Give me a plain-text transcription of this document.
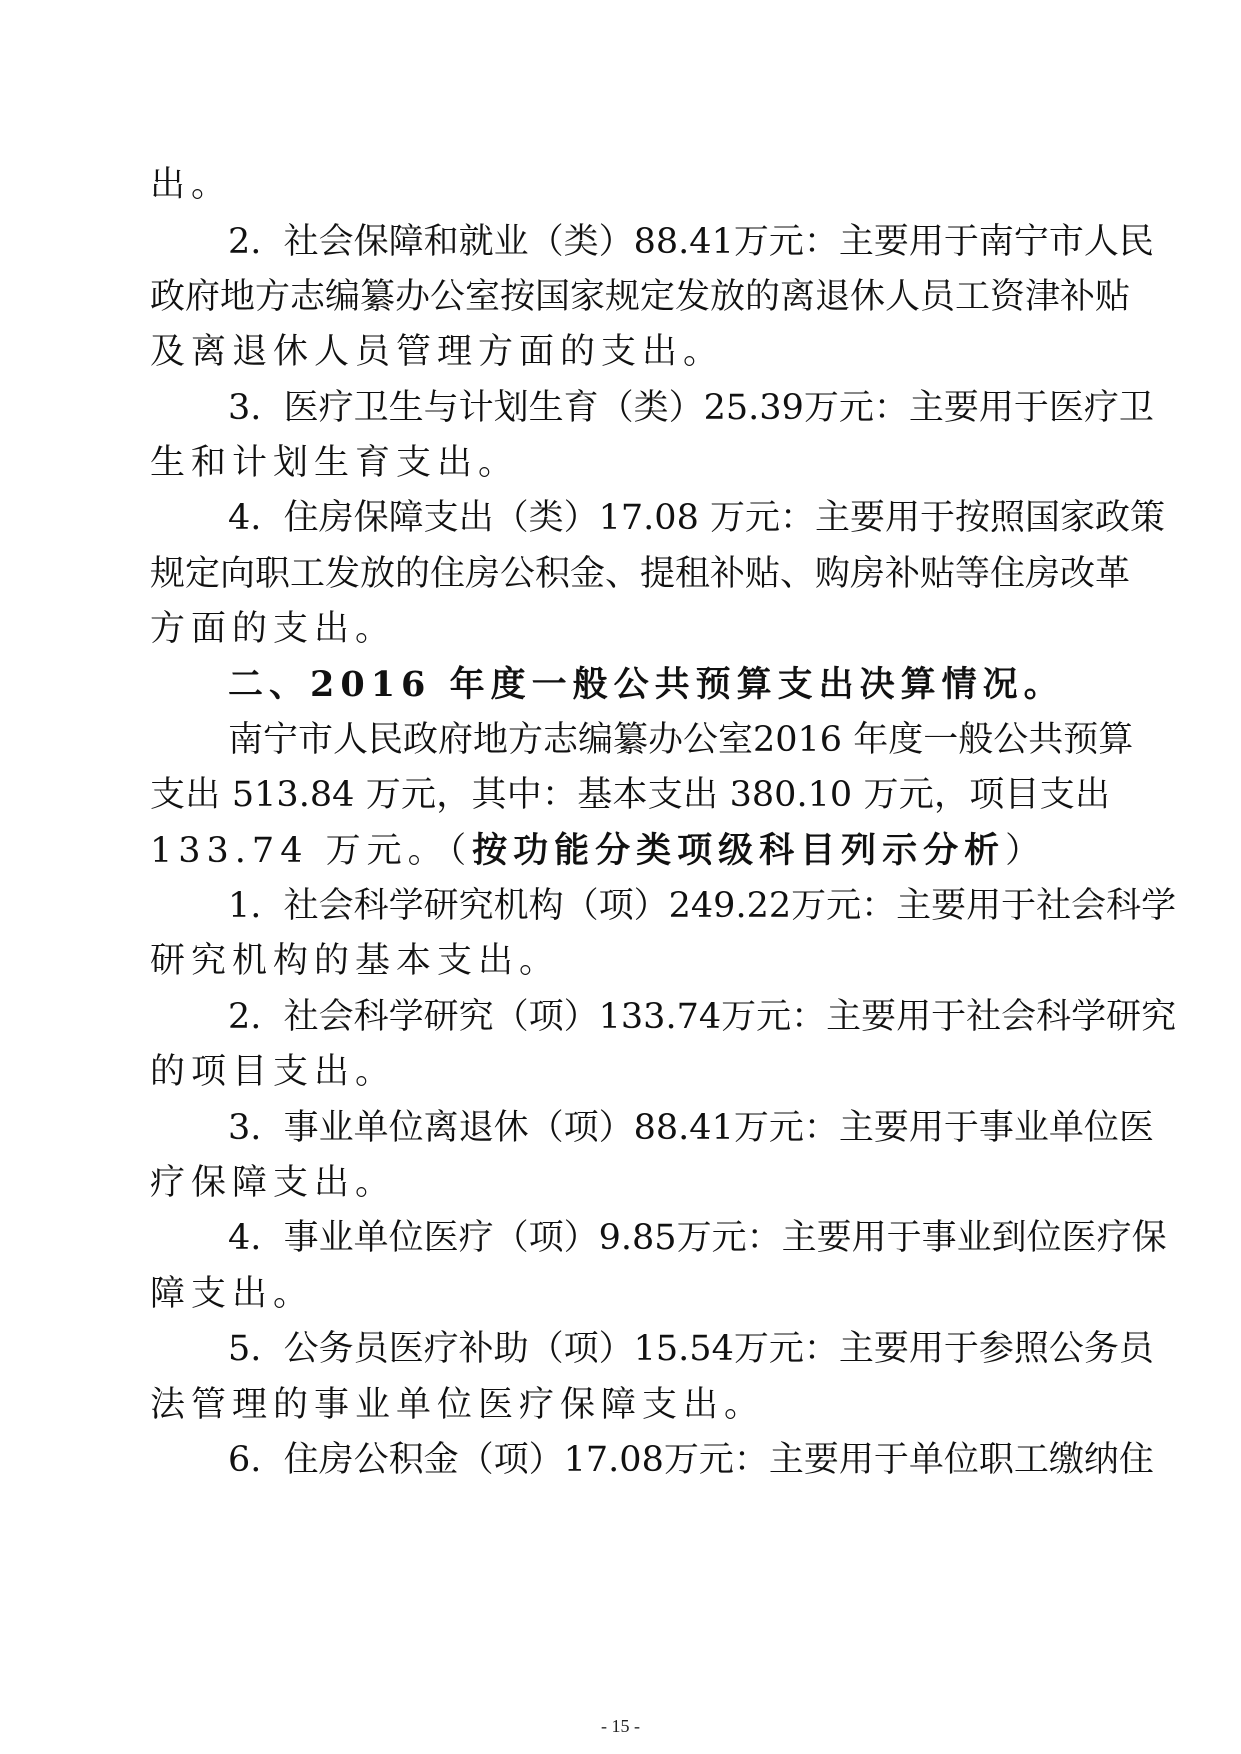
出。
2.  社会保障和就业（类）88.41万元：主要用于南宁市人民
政府地方志编纂办公室按国家规定发放的离退休人员工资津补贴
及离退休人员管理方面的支出。
3.  医疗卫生与计划生育（类）25.39万元：主要用于医疗卫
生和计划生育支出。
4.  住房保障支出（类）17.08 万元：主要用于按照国家政策
规定向职工发放的住房公积金、提租补贴、购房补贴等住房改革
方面的支出。
二、2016 年度一般公共预算支出决算情况。
南宁市人民政府地方志编纂办公室2016 年度一般公共预算
支出 513.84 万元，其中：基本支出 380.10 万元，项目支出
133.74 万元。（按功能分类项级科目列示分析）
1.  社会科学研究机构（项）249.22万元：主要用于社会科学
研究机构的基本支出。
2.  社会科学研究（项）133.74万元：主要用于社会科学研究
的项目支出。
3.  事业单位离退休（项）88.41万元：主要用于事业单位医
疗保障支出。
4.  事业单位医疗（项）9.85万元：主要用于事业到位医疗保
障支出。
5.  公务员医疗补助（项）15.54万元：主要用于参照公务员
法管理的事业单位医疗保障支出。
6.  住房公积金（项）17.08万元：主要用于单位职工缴纳住
- 15 -
